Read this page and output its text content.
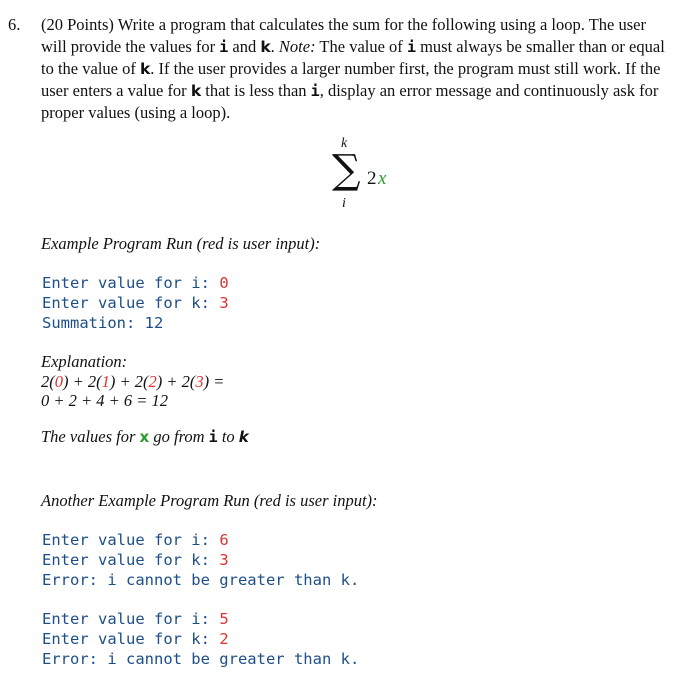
6. (20 Points) Write a program that calculates the sum for the following using a loop. The user will provide the values for i and k. Note: The value of i must always be smaller than or equal to the value of k. If the user provides a larger number first, the program must still work. If the user enters a value for k that is less than i, display an error message and continuously ask for proper values (using a loop).
k
∑
i
2 x
Example Program Run (red is user input):
Enter value for i: 0
Enter value for k: 3
Summation: 12
Explanation:
2(0) + 2(1) + 2(2) + 2(3) =
0 + 2 + 4 + 6 = 12
The values for x go from i to k
Another Example Program Run (red is user input):
Enter value for i: 6
Enter value for k: 3
Error: i cannot be greater than k.
Enter value for i: 5
Enter value for k: 2
Error: i cannot be greater than k.
